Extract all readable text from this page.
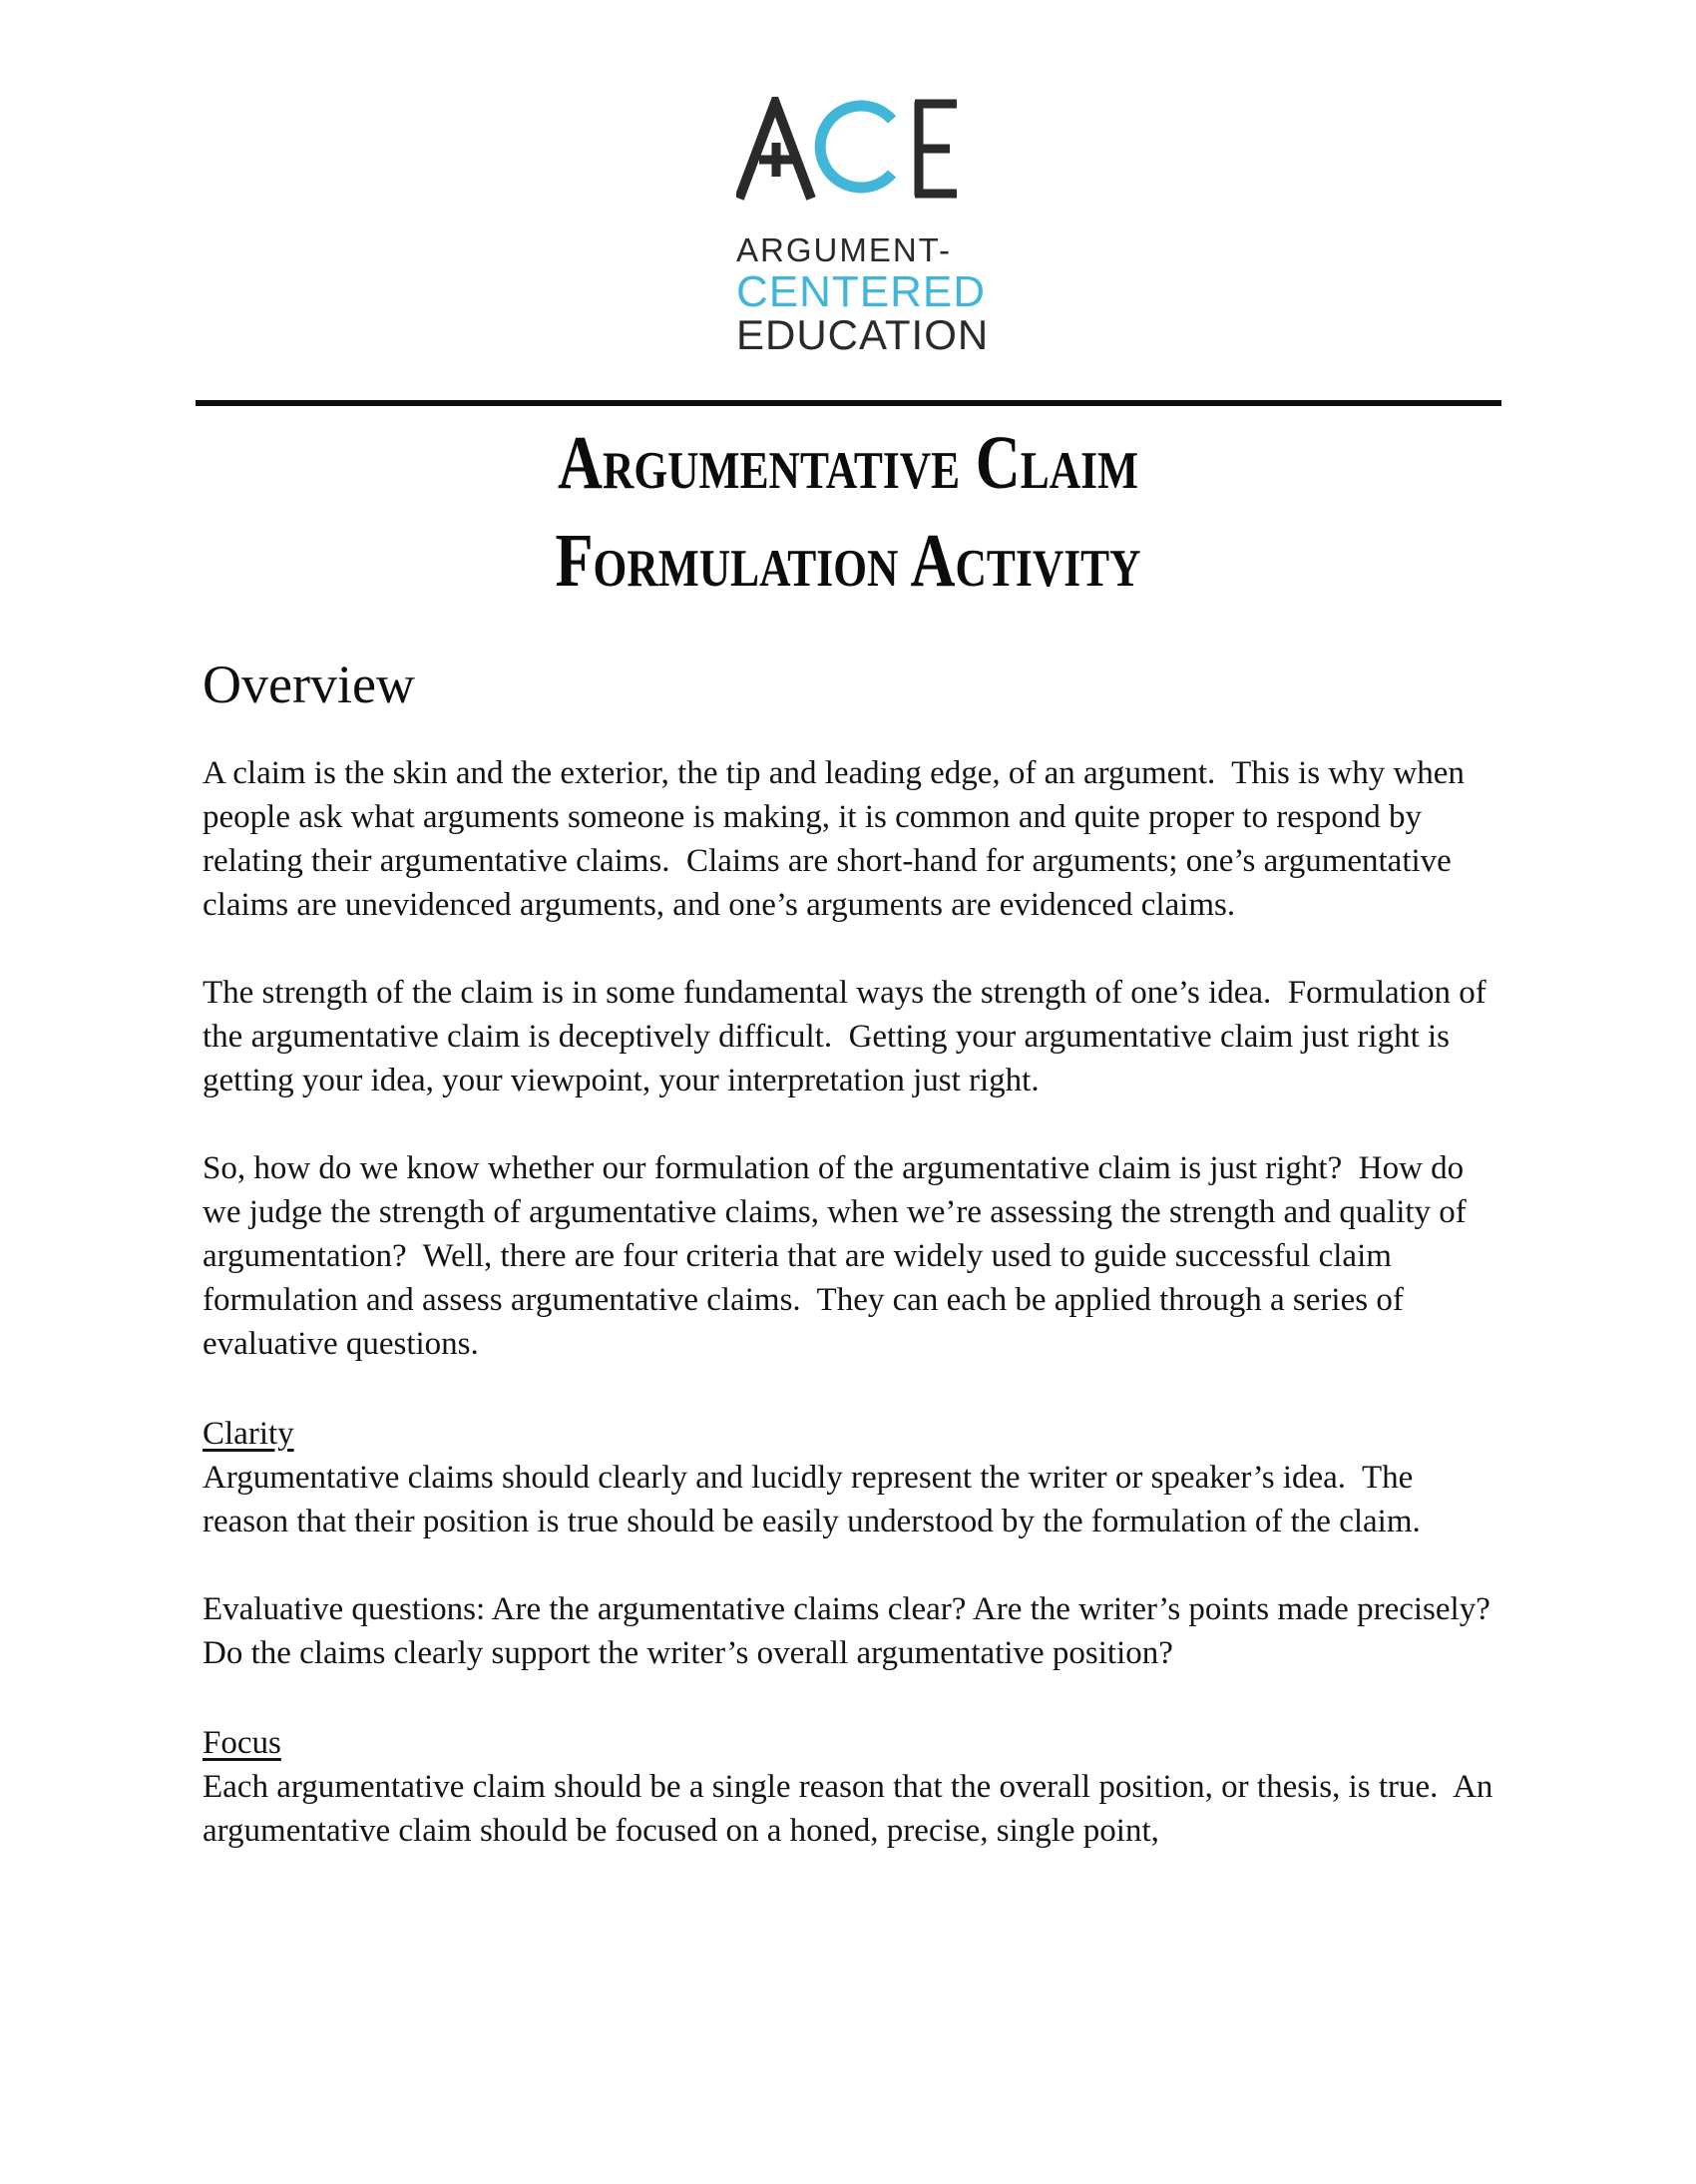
ARGUMENT-
CENTERED
EDUCATION
Argumentative Claim
Formulation Activity
Overview

A claim is the skin and the exterior, the tip and leading edge, of an argument.  This is why when people ask what arguments someone is making, it is common and quite proper to respond by relating their argumentative claims.  Claims are short-hand for arguments; one’s argumentative claims are unevidenced arguments, and one’s arguments are evidenced claims.

The strength of the claim is in some fundamental ways the strength of one’s idea.  Formulation of the argumentative claim is deceptively difficult.  Getting your argumentative claim just right is getting your idea, your viewpoint, your interpretation just right.

So, how do we know whether our formulation of the argumentative claim is just right?  How do we judge the strength of argumentative claims, when we’re assessing the strength and quality of argumentation?  Well, there are four criteria that are widely used to guide successful claim formulation and assess argumentative claims.  They can each be applied through a series of evaluative questions.

Clarity

Argumentative claims should clearly and lucidly represent the writer or speaker’s idea.  The reason that their position is true should be easily understood by the formulation of the claim.

Evaluative questions: Are the argumentative claims clear? Are the writer’s points made precisely?  Do the claims clearly support the writer’s overall argumentative position?

Focus

Each argumentative claim should be a single reason that the overall position, or thesis, is true.  An argumentative claim should be focused on a honed, precise, single point,
